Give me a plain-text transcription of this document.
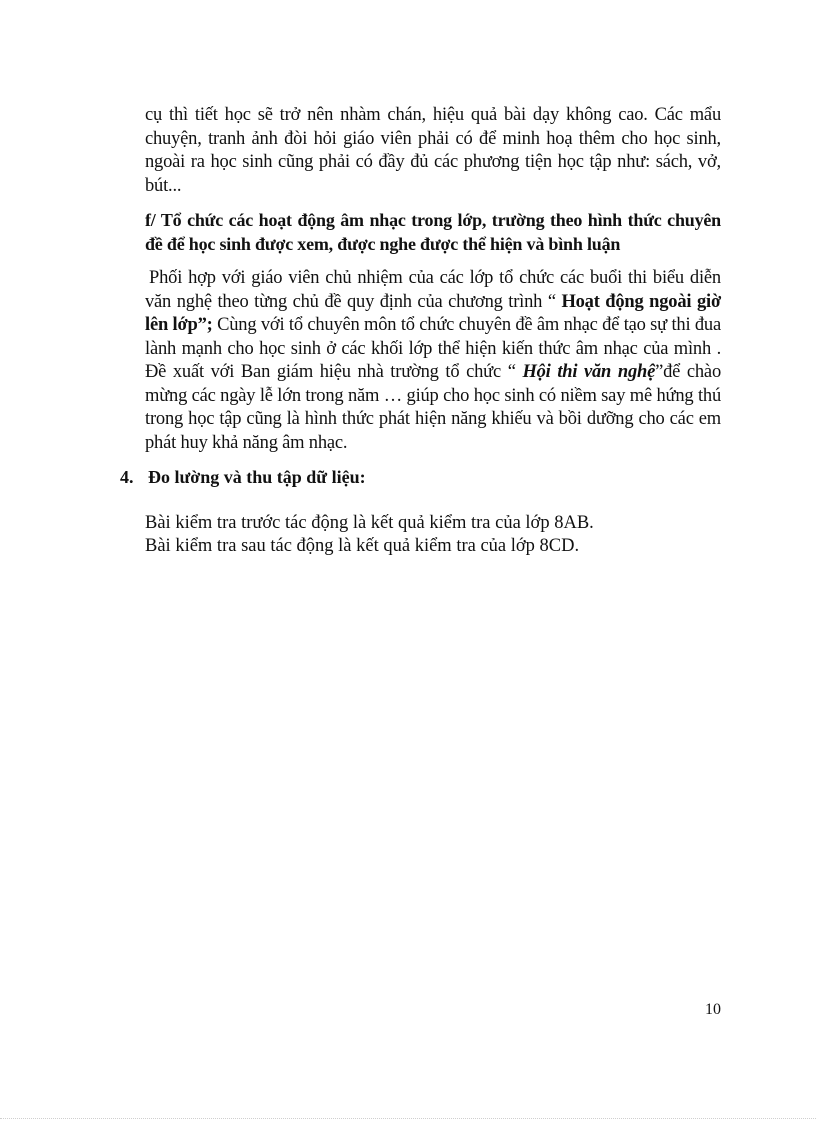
cụ thì tiết học sẽ trở nên nhàm chán, hiệu quả bài dạy không cao. Các mẩu chuyện, tranh ảnh đòi hỏi giáo viên phải có để minh hoạ thêm cho học sinh, ngoài ra học sinh cũng phải có đầy đủ các phương tiện học tập như: sách, vở, bút...

f/ Tổ chức các hoạt động âm nhạc trong lớp, trường theo hình thức chuyên đề để học sinh được xem, được nghe được thể hiện và bình luận

Phối hợp với giáo viên chủ nhiệm của các lớp tổ chức các buổi thi biểu diễn văn nghệ theo từng chủ đề quy định của chương trình “ Hoạt động ngoài giờ lên lớp”; Cùng với tổ chuyên môn tổ chức chuyên đề âm nhạc để tạo sự thi đua lành mạnh cho học sinh ở các khối lớp thể hiện kiến thức âm nhạc của mình . Đề xuất với Ban giám hiệu nhà trường tổ chức “ Hội thi văn nghệ”để chào mừng các ngày lễ lớn trong năm … giúp cho học sinh có niềm say mê hứng thú trong học tập cũng là hình thức phát hiện năng khiếu và bồi dưỡng cho các em phát huy khả năng âm nhạc.

4. Đo lường và thu tập dữ liệu:
Bài kiểm tra trước tác động là kết quả kiểm tra của lớp 8AB.
Bài kiểm tra sau tác động là kết quả kiểm tra của lớp 8CD.
10
